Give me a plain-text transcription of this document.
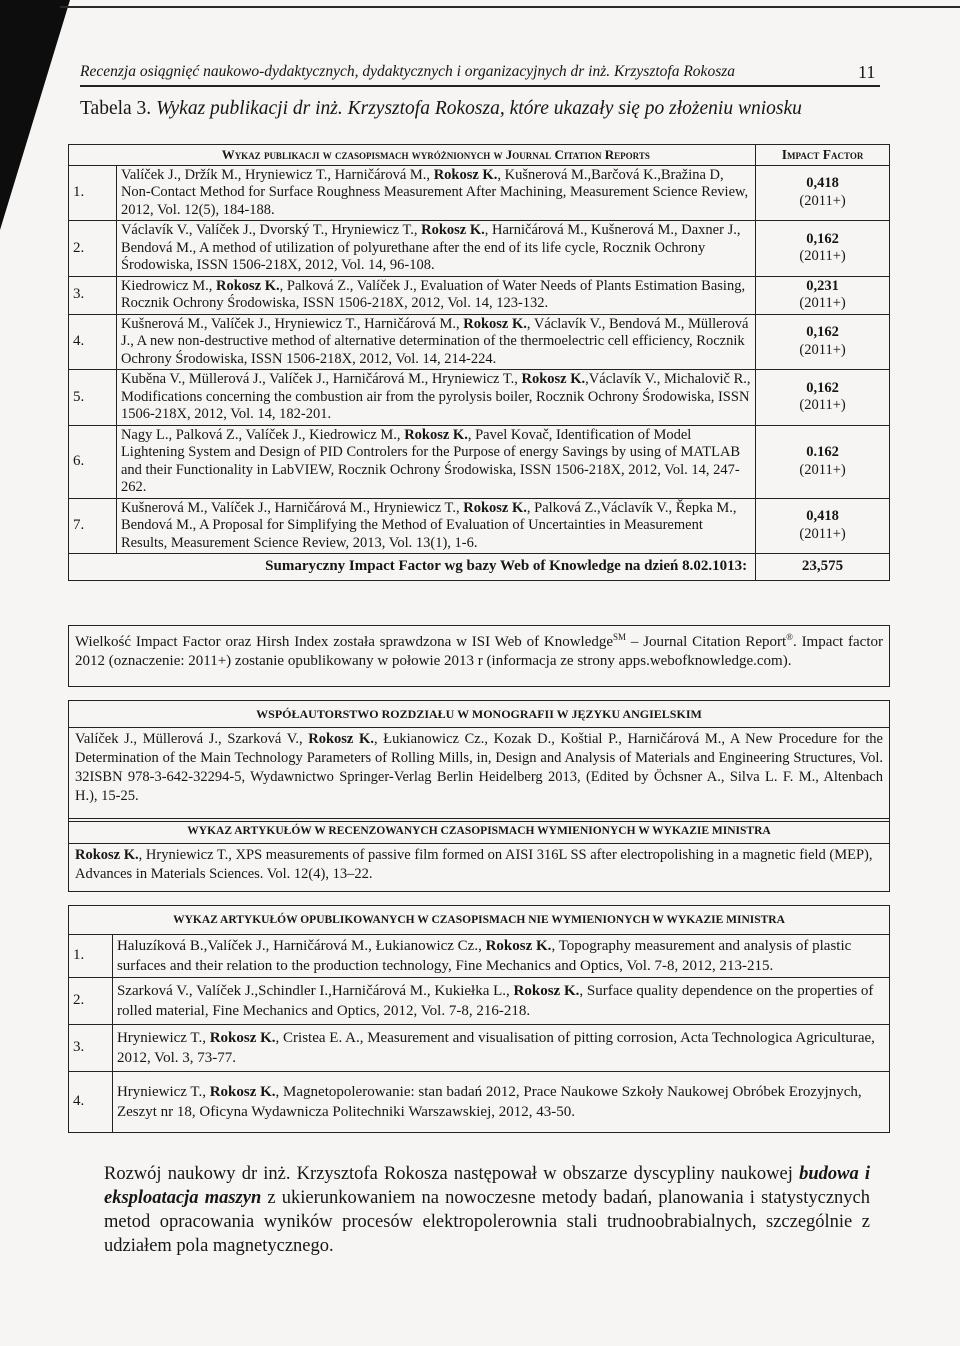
Recenzja osiągnięć naukowo-dydaktycznych, dydaktycznych i organizacyjnych dr inż. Krzysztofa Rokosza	11
Tabela 3. Wykaz publikacji dr inż. Krzysztofa Rokosza, które ukazały się po złożeniu wniosku
	Wykaz publikacji w czasopismach wyróżnionych w Journal Citation Reports	Impact Factor
1.	Valíček J., Držík M., Hryniewicz T., Harničárová M., Rokosz K., Kušnerová M.,Barčová K.,Bražina D, Non-Contact Method for Surface Roughness Measurement After Machining, Measurement Science Review, 2012, Vol. 12(5), 184-188.	0,418
(2011+)
2.	Václavík V., Valíček J., Dvorský T., Hryniewicz T., Rokosz K., Harničárová M., Kušnerová M., Daxner J., Bendová M., A method of utilization of polyurethane after the end of its life cycle, Rocznik Ochrony Środowiska, ISSN 1506-218X, 2012, Vol. 14, 96-108.	0,162
(2011+)
3.	Kiedrowicz M., Rokosz K., Palková Z., Valíček J., Evaluation of Water Needs of Plants Estimation Basing, Rocznik Ochrony Środowiska, ISSN 1506-218X, 2012, Vol. 14, 123-132.	0,231
(2011+)
4.	Kušnerová M., Valíček J., Hryniewicz T., Harničárová M., Rokosz K., Václavík V., Bendová M., Müllerová J., A new non-destructive method of alternative determination of the thermoelectric cell efficiency, Rocznik Ochrony Środowiska, ISSN 1506-218X, 2012, Vol. 14, 214-224.	0,162
(2011+)
5.	Kuběna V., Müllerová J., Valíček J., Harničárová M., Hryniewicz T., Rokosz K.,Václavík V., Michalovič R., Modifications concerning the combustion air from the pyrolysis boiler, Rocznik Ochrony Środowiska, ISSN 1506-218X, 2012, Vol. 14, 182-201.	0,162
(2011+)
6.	Nagy L., Palková Z., Valíček J., Kiedrowicz M., Rokosz K., Pavel Kovač, Identification of Model Lightening System and Design of PID Controlers for the Purpose of energy Savings by using of MATLAB and their Functionality in LabVIEW, Rocznik Ochrony Środowiska, ISSN 1506-218X, 2012, Vol. 14, 247-262.	0.162
(2011+)
7.	Kušnerová M., Valíček J., Harničárová M., Hryniewicz T., Rokosz K., Palková Z.,Václavík V., Řepka M., Bendová M., A Proposal for Simplifying the Method of Evaluation of Uncertainties in Measurement Results, Measurement Science Review, 2013, Vol. 13(1), 1-6.	0,418
(2011+)
Sumaryczny Impact Factor wg bazy Web of Knowledge na dzień 8.02.1013:		23,575
Wielkość Impact Factor oraz Hirsh Index została sprawdzona w ISI Web of Knowledge℠ – Journal Citation Report®. Impact factor 2012 (oznaczenie: 2011+) zostanie opublikowany w połowie 2013 r (informacja ze strony apps.webofknowledge.com).
WSPÓŁAUTORSTWO ROZDZIAŁU W MONOGRAFII W JĘZYKU ANGIELSKIM
Valíček J., Müllerová J., Szarková V., Rokosz K., Łukianowicz Cz., Kozak D., Koštial P., Harničárová M., A New Procedure for the Determination of the Main Technology Parameters of Rolling Mills, in, Design and Analysis of Materials and Engineering Structures, Vol. 32ISBN 978-3-642-32294-5, Wydawnictwo Springer-Verlag Berlin Heidelberg 2013, (Edited by Öchsner A., Silva L. F. M., Altenbach H.), 15-25.
WYKAZ ARTYKUŁÓW W RECENZOWANYCH CZASOPISMACH WYMIENIONYCH W WYKAZIE MINISTRA
Rokosz K., Hryniewicz T., XPS measurements of passive film formed on AISI 316L SS after electropolishing in a magnetic field (MEP), Advances in Materials Sciences. Vol. 12(4), 13–22.
WYKAZ ARTYKUŁÓW OPUBLIKOWANYCH W CZASOPISMACH NIE WYMIENIONYCH W WYKAZIE MINISTRA
1.	Haluzíková B.,Valíček J., Harničárová M., Łukianowicz Cz., Rokosz K., Topography measurement and analysis of plastic surfaces and their relation to the production technology, Fine Mechanics and Optics, Vol. 7-8, 2012, 213-215.
2.	Szarková V., Valíček J.,Schindler I.,Harničárová M., Kukiełka L., Rokosz K., Surface quality dependence on the properties of rolled material, Fine Mechanics and Optics, 2012, Vol. 7-8, 216-218.
3.	Hryniewicz T., Rokosz K., Cristea E. A., Measurement and visualisation of pitting corrosion, Acta Technologica Agriculturae, 2012, Vol. 3, 73-77.
4.	Hryniewicz T., Rokosz K., Magnetopolerowanie: stan badań 2012, Prace Naukowe Szkoły Naukowej Obróbek Erozyjnych, Zeszyt nr 18, Oficyna Wydawnicza Politechniki Warszawskiej, 2012, 43-50.
Rozwój naukowy dr inż. Krzysztofa Rokosza następował w obszarze dyscypliny naukowej budowa i eksploatacja maszyn z ukierunkowaniem na nowoczesne metody badań, planowania i statystycznych metod opracowania wyników procesów elektropolerownia stali trudnoobrabialnych, szczególnie z udziałem pola magnetycznego.
